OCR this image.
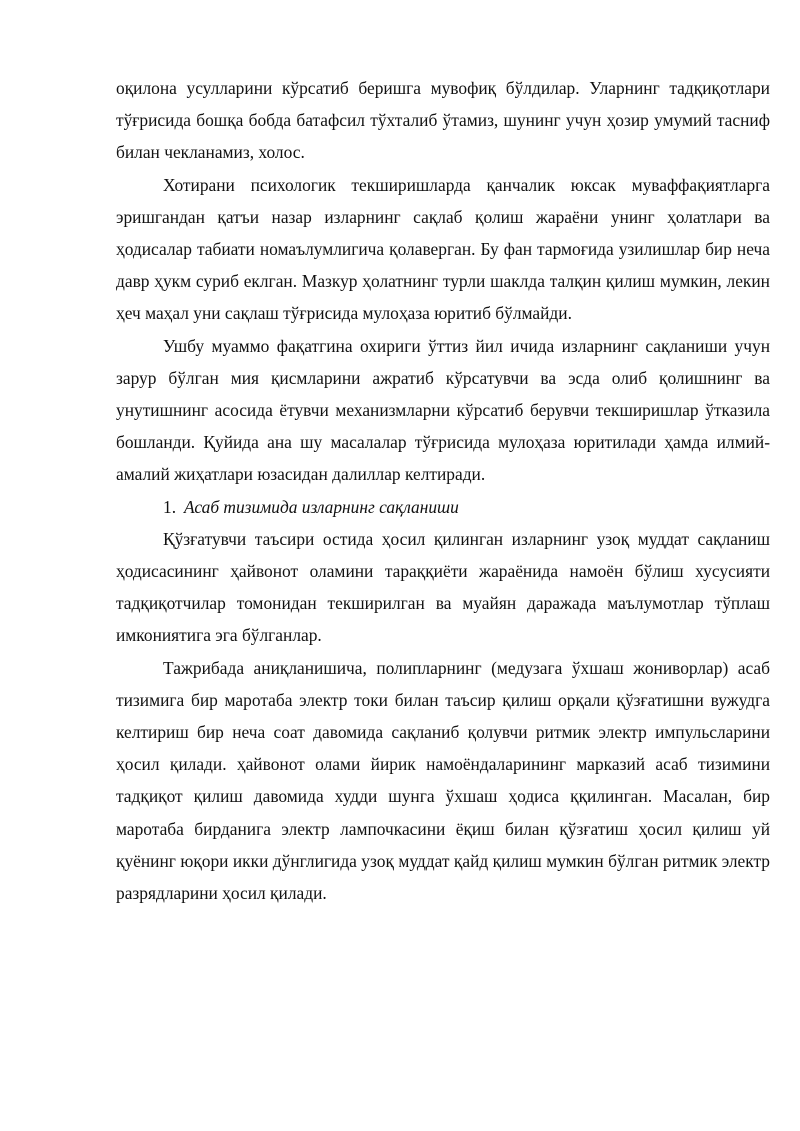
оқилона усулларини кўрсатиб беришга мувофиқ бўлдилар. Уларнинг тадқиқотлари тўғрисида бошқа бобда батафсил тўхталиб ўтамиз, шунинг учун ҳозир умумий тасниф билан чекланамиз, холос.

Хотирани психологик текширишларда қанчалик юксак муваффақиятларга эришгандан қатъи назар изларнинг сақлаб қолиш жараёни унинг ҳолатлари ва ҳодисалар табиати номаълумлигича қолаверган. Бу фан тармоғида узилишлар бир неча давр ҳукм суриб еклган. Мазкур ҳолатнинг турли шаклда талқин қилиш мумкин, лекин ҳеч маҳал уни сақлаш тўғрисида мулоҳаза юритиб бўлмайди.

Ушбу муаммо фақатгина охириги ўттиз йил ичида изларнинг сақланиши учун зарур бўлган мия қисмларини ажратиб кўрсатувчи ва эсда олиб қолишнинг ва унутишнинг асосида ётувчи механизмларни кўрсатиб берувчи текширишлар ўтказила бошланди. Қуйида ана шу масалалар тўғрисида мулоҳаза юритилади ҳамда илмий-амалий жиҳатлари юзасидан далиллар келтиради.

1. Асаб тизимида изларнинг сақланиши

Қўзғатувчи таъсири остида ҳосил қилинган изларнинг узоқ муддат сақланиш ҳодисасининг ҳайвонот оламини тараққиёти жараёнида намоён бўлиш хусусияти тадқиқотчилар томонидан текширилган ва муайян даражада маълумотлар тўплаш имкониятига эга бўлганлар.

Тажрибада аниқланишича, полипларнинг (медузага ўхшаш жониворлар) асаб тизимига бир маротаба электр токи билан таъсир қилиш орқали қўзғатишни вужудга келтириш бир неча соат давомида сақланиб қолувчи ритмик электр импульсларини ҳосил қилади. ҳайвонот олами йирик намоёндаларининг марказий асаб тизимини тадқиқот қилиш давомида худди шунга ўхшаш ҳодиса ққилинган. Масалан, бир маротаба бирданига электр лампочкасини ёқиш билан қўзғатиш ҳосил қилиш уй қуёнинг юқори икки дўнглигида узоқ муддат қайд қилиш мумкин бўлган ритмик электр разрядларини ҳосил қилади.
